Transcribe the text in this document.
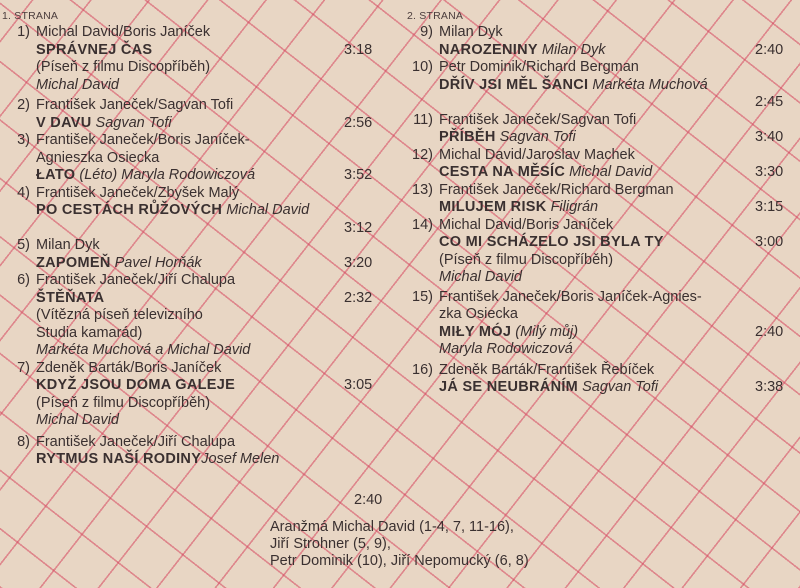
1. STRANA	2. STRANA
1) Michal David/Boris Janíček
SPRÁVNEJ ČAS
(Píseň z filmu Discopříběh)
Michal David
3:18
2) František Janeček/Sagvan Tofi
V DAVU Sagvan Tofi	2:56
3) František Janeček/Boris Janíček-
Agnieszka Osiecka
ŁATO (Léto) Maryla Rodowiczová	3:52
4) František Janeček/Zbyšek Malý
PO CESTÁCH RŮŽOVÝCH Michal David
3:12
5) Milan Dyk
ZAPOMEŇ Pavel Horňák	3:20
6) František Janeček/Jiří Chalupa
ŠTĚŇATA
(Vítězná píseň televizního
Studia kamarád)
Markéta Muchová a Michal David
2:32
7) Zdeněk Barták/Boris Janíček
KDYŽ JSOU DOMA GALEJE
(Píseň z filmu Discopříběh)
Michal David
3:05
8) František Janeček/Jiří Chalupa
RYTMUS NAŠÍ RODINYJosef Melen
2:40
9) Milan Dyk
NAROZENINY Milan Dyk	2:40
10) Petr Dominik/Richard Bergman
DŘÍV JSI MĚL ŠANCI Markéta Muchová
2:45
11) František Janeček/Sagvan Tofi
PŘÍBĚH Sagvan Tofi	3:40
12) Michal David/Jaroslav Machek
CESTA NA MĚSÍC Michal David	3:30
13) František Janeček/Richard Bergman
MILUJEM RISK Filigrán	3:15
14) Michal David/Boris Janíček
CO MI SCHÁZELO JSI BYLA TY
(Píseň z filmu Discopříběh)
Michal David
3:00
15) František Janeček/Boris Janíček-Agnies-
zka Osiecka
MIŁY MÓJ (Milý můj)
Maryla Rodowiczová
2:40
16) Zdeněk Barták/František Řebíček
JÁ SE NEUBRÁNÍM Sagvan Tofi	3:38
Aranžmá Michal David (1-4, 7, 11-16),
Jiří Strohner (5, 9),
Petr Dominik (10), Jiří Nepomucký (6, 8)
